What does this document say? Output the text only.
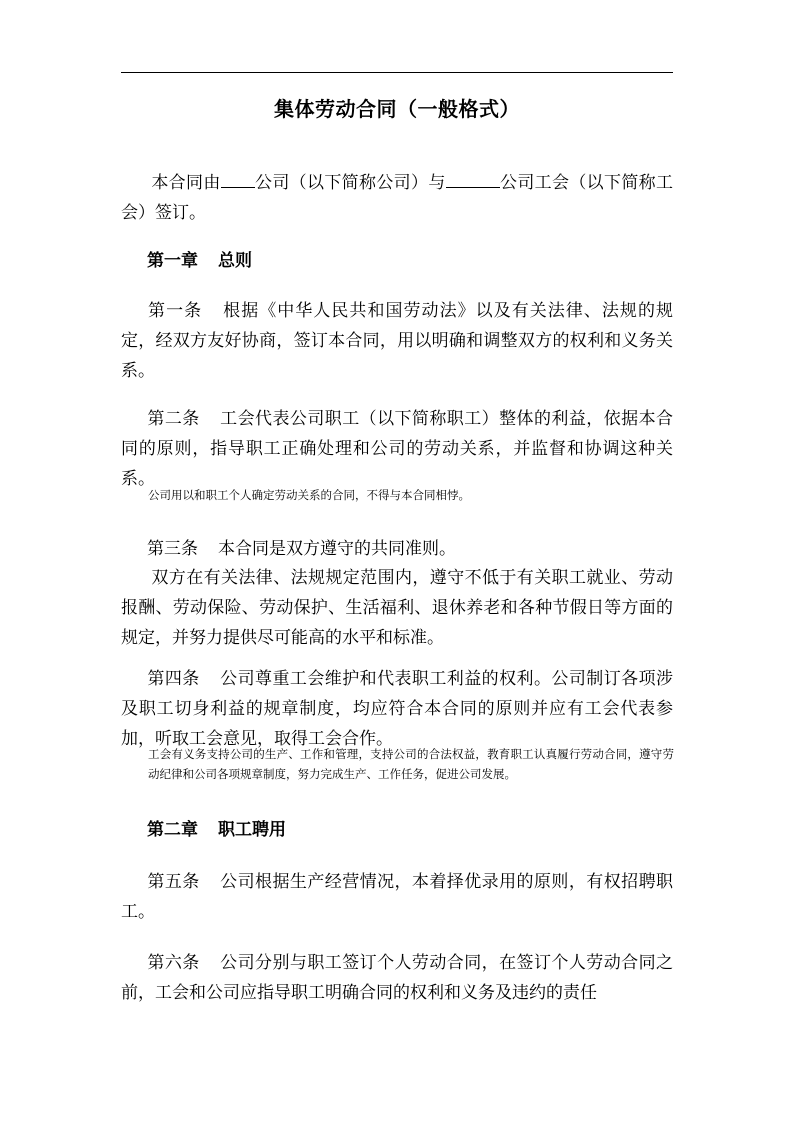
集体劳动合同（一般格式）
本合同由 公司（以下简称公司）与	公司工会（以下简称工会）签订。
第一章 总则
第一条 根据《中华人民共和国劳动法》以及有关法律、法规的规定，经双方友好协商，签订本合同，用以明确和调整双方的权利和义务关系。
第二条 工会代表公司职工（以下简称职工）整体的利益，依据本合同的原则，指导职工正确处理和公司的劳动关系，并监督和协调这种关系。
公司用以和职工个人确定劳动关系的合同，不得与本合同相悖。
第三条 本合同是双方遵守的共同准则。
双方在有关法律、法规规定范围内，遵守不低于有关职工就业、劳动报酬、劳动保险、劳动保护、生活福利、退休养老和各种节假日等方面的规定，并努力提供尽可能高的水平和标准。
第四条 公司尊重工会维护和代表职工利益的权利。公司制订各项涉及职工切身利益的规章制度，均应符合本合同的原则并应有工会代表参加，听取工会意见，取得工会合作。
工会有义务支持公司的生产、工作和管理，支持公司的合法权益，教育职工认真履行劳动合同，遵守劳动纪律和公司各项规章制度，努力完成生产、工作任务，促进公司发展。
第二章 职工聘用
第五条 公司根据生产经营情况，本着择优录用的原则，有权招聘职工。
第六条 公司分别与职工签订个人劳动合同，在签订个人劳动合同之前，工会和公司应指导职工明确合同的权利和义务及违约的责任
